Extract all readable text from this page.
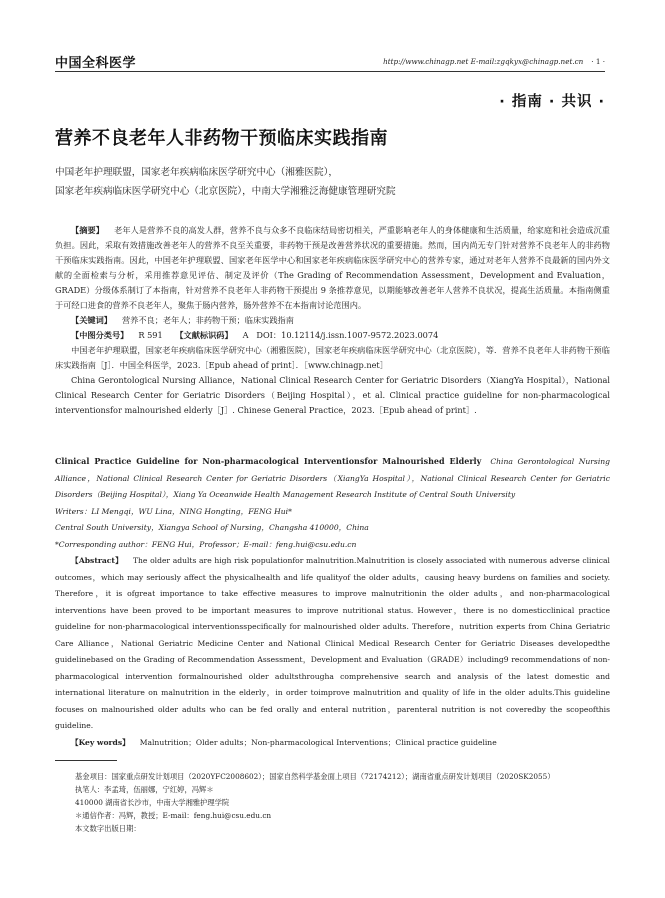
中国全科医学	http://www.chinagp.net E-mail:zgqkyx@chinagp.net.cn · 1 ·
· 指南 · 共识 ·
营养不良老年人非药物干预临床实践指南
中国老年护理联盟，国家老年疾病临床医学研究中心（湘雅医院），
国家老年疾病临床医学研究中心（北京医院），中南大学湘雅泛海健康管理研究院

【摘要】 老年人是营养不良的高发人群，营养不良与众多不良临床结局密切相关，严重影响老年人的身体健康和生活质量，给家庭和社会造成沉重负担。因此，采取有效措施改善老年人的营养不良至关重要，非药物干预是改善营养状况的重要措施。然而，国内尚无专门针对营养不良老年人的非药物干预临床实践指南。因此，中国老年护理联盟、国家老年医学中心和国家老年疾病临床医学研究中心的营养专家，通过对老年人营养不良最新的国内外文献的全面检索与分析，采用推荐意见评估、制定及评价（The Grading of Recommendation Assessment，Development and Evaluation，GRADE）分级体系制订了本指南，针对营养不良老年人非药物干预提出 9 条推荐意见，以期能够改善老年人营养不良状况，提高生活质量。本指南侧重于可经口进食的营养不良老年人，聚焦于肠内营养，肠外营养不在本指南讨论范围内。

【关键词】 营养不良；老年人；非药物干预；临床实践指南

【中图分类号】 R 591 【文献标识码】 A DOI：10.12114/j.issn.1007-9572.2023.0074

中国老年护理联盟，国家老年疾病临床医学研究中心（湘雅医院），国家老年疾病临床医学研究中心（北京医院），等．营养不良老年人非药物干预临床实践指南［J］．中国全科医学，2023.［Epub ahead of print］．［www.chinagp.net］

China Gerontological Nursing Alliance，National Clinical Research Center for Geriatric Disorders（XiangYa Hospital），National Clinical Research Center for Geriatric Disorders（Beijing Hospital），et al. Clinical practice guideline for non-pharmacological interventionsfor malnourished elderly［J］. Chinese General Practice，2023.［Epub ahead of print］.

Clinical Practice Guideline for Non-pharmacological Interventionsfor Malnourished Elderly China Gerontological Nursing Alliance，National Clinical Research Center for Geriatric Disorders（XiangYa Hospital），National Clinical Research Center for Geriatric Disorders（Beijing Hospital），Xiang Ya Oceanwide Health Management Research Institute of Central South University

Writers：LI Mengqi，WU Lina，NING Hongting，FENG Hui*

Central South University，Xiangya School of Nursing，Changsha 410000，China

*Corresponding author：FENG Hui，Professor；E-mail：feng.hui@csu.edu.cn

【Abstract】 The older adults are high risk populationfor malnutrition.Malnutrition is closely associated with numerous adverse clinical outcomes，which may seriously affect the physicalhealth and life qualityof the older adults，causing heavy burdens on families and society. Therefore，it is ofgreat importance to take effective measures to improve malnutritionin the older adults，and non-pharmacological interventions have been proved to be important measures to improve nutritional status. However，there is no domesticclinical practice guideline for non-pharmacological interventionsspecifically for malnourished older adults. Therefore，nutrition experts from China Geriatric Care Alliance，National Geriatric Medicine Center and National Clinical Medical Research Center for Geriatric Diseases developedthe guidelinebased on the Grading of Recommendation Assessment，Development and Evaluation（GRADE）including9 recommendations of non-pharmacological intervention formalnourished older adultsthrougha comprehensive search and analysis of the latest domestic and international literature on malnutrition in the elderly，in order toimprove malnutrition and quality of life in the older adults.This guideline focuses on malnourished older adults who can be fed orally and enteral nutrition，parenteral nutrition is not coveredby the scopeofthis guideline.

【Key words】 Malnutrition；Older adults；Non-pharmacological Interventions；Clinical practice guideline

基金项目：国家重点研发计划项目（2020YFC2008602）；国家自然科学基金面上项目（72174212）；湖南省重点研发计划项目（2020SK2055）

执笔人：李孟琦，伍丽娜，宁红婷，冯辉＊

410000 湖南省长沙市，中南大学湘雅护理学院

＊通信作者：冯辉，教授；E-mail：feng.hui@csu.edu.cn

本文数字出版日期：
